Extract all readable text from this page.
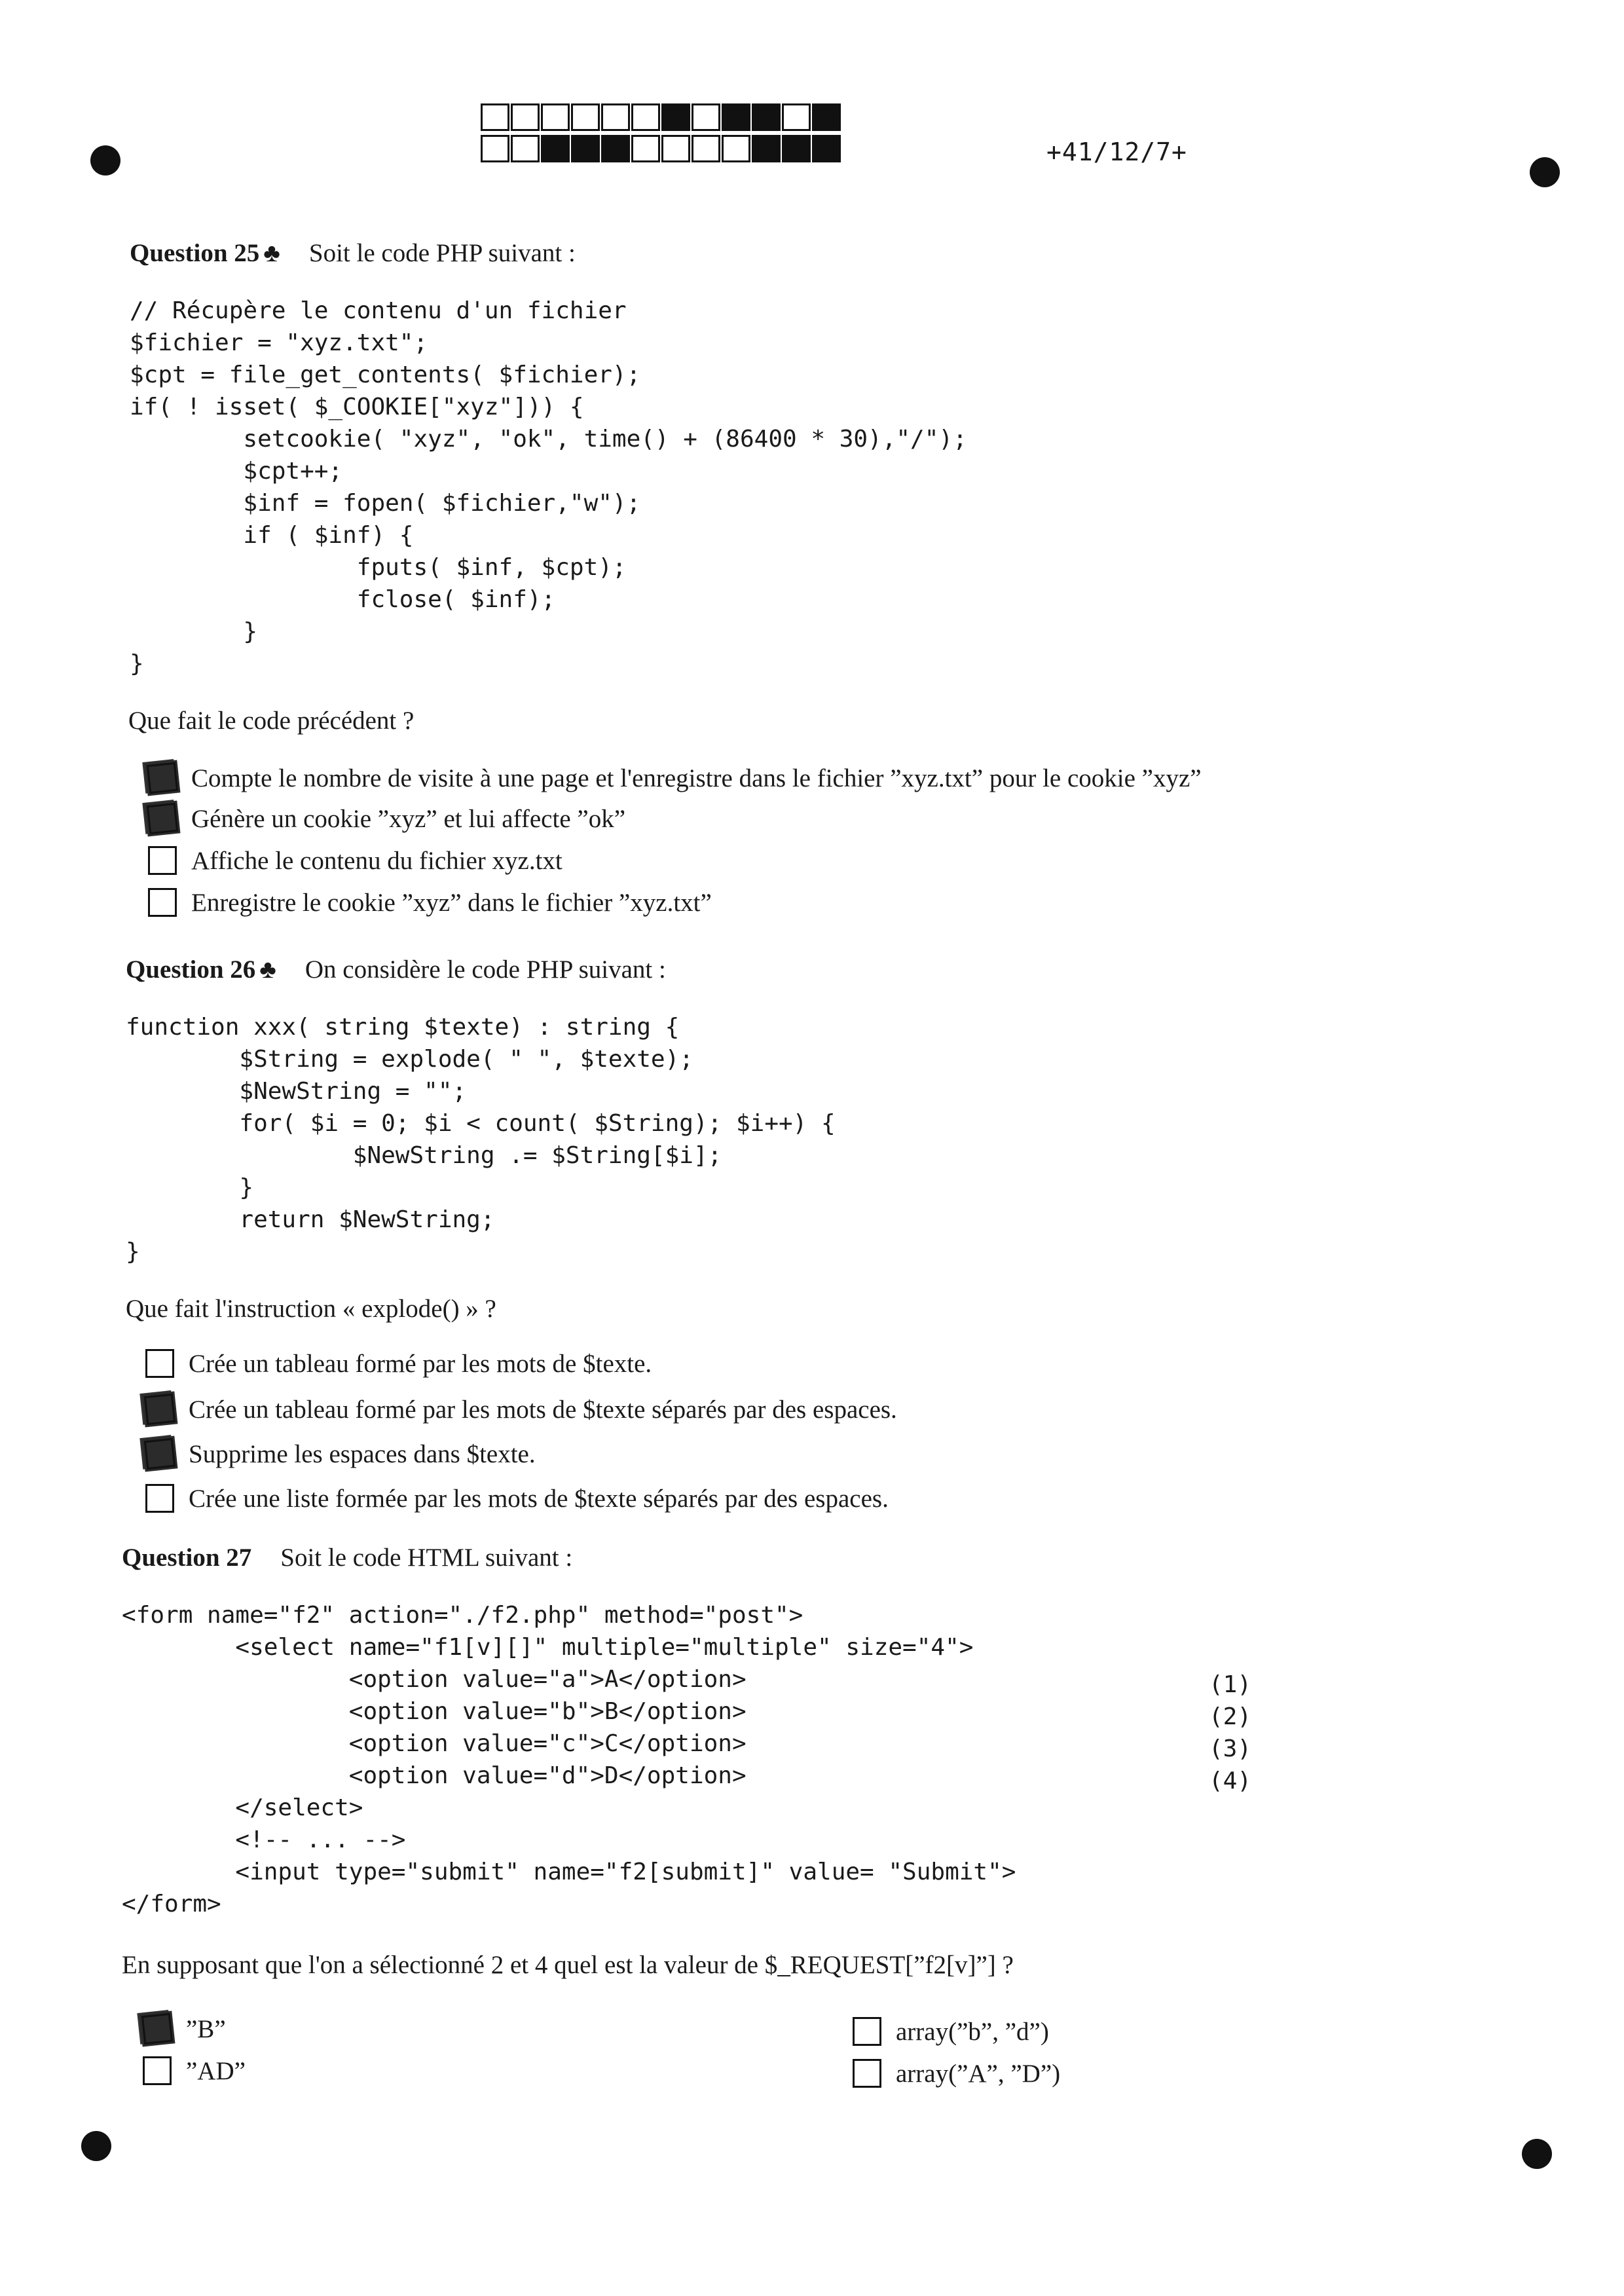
+41/12/7+
Question 25 ♣ Soit le code PHP suivant :
// Récupère le contenu d'un fichier
$fichier = "xyz.txt";
$cpt = file_get_contents( $fichier);
if( ! isset( $_COOKIE["xyz"])) {
setcookie( "xyz", "ok", time() + (86400 * 30),"/");
$cpt++;
$inf = fopen( $fichier,"w");
if ( $inf) {
fputs( $inf, $cpt);
fclose( $inf);
}
}
Que fait le code précédent ?
Compte le nombre de visite à une page et l'enregistre dans le fichier ”xyz.txt” pour le cookie ”xyz”
Génère un cookie ”xyz” et lui affecte ”ok”
Affiche le contenu du fichier xyz.txt
Enregistre le cookie ”xyz” dans le fichier ”xyz.txt”
Question 26 ♣ On considère le code PHP suivant :
function xxx( string $texte) : string {
$String = explode( " ", $texte);
$NewString = "";
for( $i = 0; $i < count( $String); $i++) {
$NewString .= $String[$i];
}
return $NewString;
}
Que fait l'instruction « explode() » ?
Crée un tableau formé par les mots de $texte.
Crée un tableau formé par les mots de $texte séparés par des espaces.
Supprime les espaces dans $texte.
Crée une liste formée par les mots de $texte séparés par des espaces.
Question 27 Soit le code HTML suivant :
<form name="f2" action="./f2.php" method="post">
<select name="f1[v][]" multiple="multiple" size="4">
<option value="a">A</option>
<option value="b">B</option>
<option value="c">C</option>
<option value="d">D</option>
</select>
<!-- ... -->
<input type="submit" name="f2[submit]" value= "Submit">
</form>
(1)
(2)
(3)
(4)
En supposant que l'on a sélectionné 2 et 4 quel est la valeur de $_REQUEST[”f2[v]”] ?
”B”
”AD”
array(”b”, ”d”)
array(”A”, ”D”)
